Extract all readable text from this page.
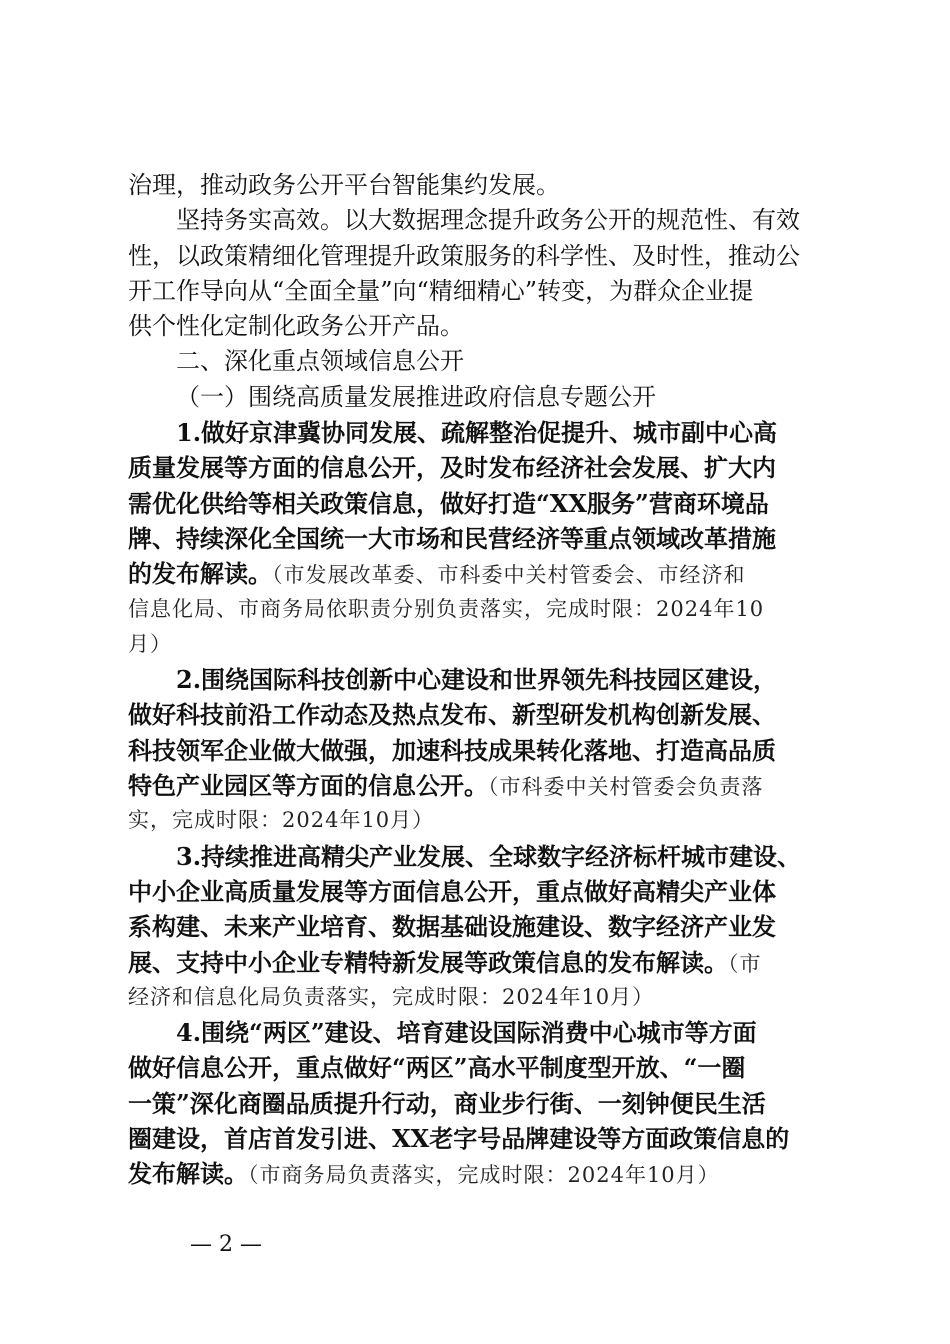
治理，推动政务公开平台智能集约发展。
坚持务实高效。以大数据理念提升政务公开的规范性、有效
性，以政策精细化管理提升政策服务的科学性、及时性，推动公
开工作导向从“全面全量”向“精细精心”转变，为群众企业提
供个性化定制化政务公开产品。
二、深化重点领域信息公开
（一）围绕高质量发展推进政府信息专题公开
1.做好京津冀协同发展、疏解整治促提升、城市副中心高
质量发展等方面的信息公开，及时发布经济社会发展、扩大内
需优化供给等相关政策信息，做好打造“XX服务”营商环境品
牌、持续深化全国统一大市场和民营经济等重点领域改革措施
的发布解读。（市发展改革委、市科委中关村管委会、市经济和
信息化局、市商务局依职责分别负责落实，完成时限：2024年10
月）
2.围绕国际科技创新中心建设和世界领先科技园区建设，
做好科技前沿工作动态及热点发布、新型研发机构创新发展、
科技领军企业做大做强，加速科技成果转化落地、打造高品质
特色产业园区等方面的信息公开。（市科委中关村管委会负责落
实，完成时限：2024年10月）
3.持续推进高精尖产业发展、全球数字经济标杆城市建设、
中小企业高质量发展等方面信息公开，重点做好高精尖产业体
系构建、未来产业培育、数据基础设施建设、数字经济产业发
展、支持中小企业专精特新发展等政策信息的发布解读。（市
经济和信息化局负责落实，完成时限：2024年10月）
4.围绕“两区”建设、培育建设国际消费中心城市等方面
做好信息公开，重点做好“两区”高水平制度型开放、“一圈
一策”深化商圈品质提升行动，商业步行街、一刻钟便民生活
圈建设，首店首发引进、XX老字号品牌建设等方面政策信息的
发布解读。（市商务局负责落实，完成时限：2024年10月）
— 2 —
